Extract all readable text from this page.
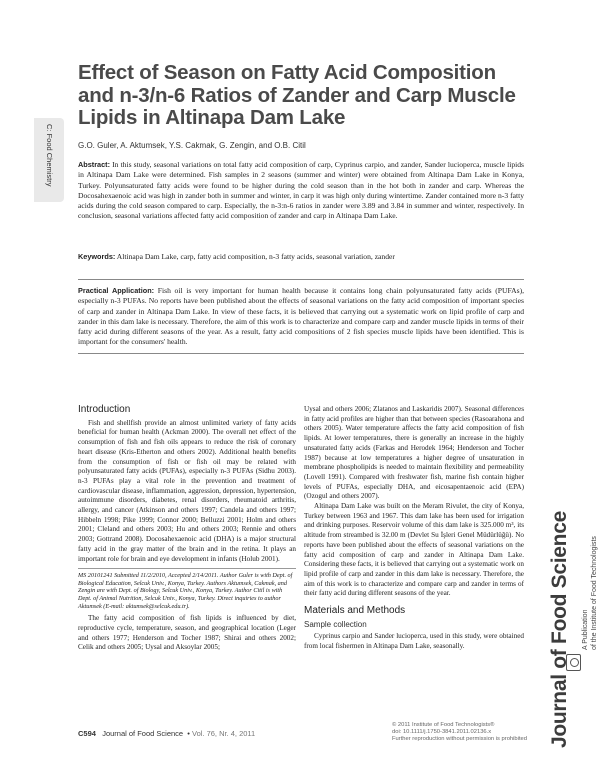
C: Food Chemistry
Effect of Season on Fatty Acid Composition and n-3/n-6 Ratios of Zander and Carp Muscle Lipids in Altinapa Dam Lake
G.O. Guler, A. Aktumsek, Y.S. Cakmak, G. Zengin, and O.B. Citil
Abstract: In this study, seasonal variations on total fatty acid composition of carp, Cyprinus carpio, and zander, Sander lucioperca, muscle lipids in Altinapa Dam Lake were determined. Fish samples in 2 seasons (summer and winter) were obtained from Altinapa Dam Lake in Konya, Turkey. Polyunsaturated fatty acids were found to be higher during the cold season than in the hot both in zander and carp. Whereas the Docosahexaenoic acid was high in zander both in summer and winter, in carp it was high only during wintertime. Zander contained more n-3 fatty acids during the cold season compared to carp. Especially, the n-3:n-6 ratios in zander were 3.89 and 3.84 in summer and winter, respectively. In conclusion, seasonal variations affected fatty acid composition of zander and carp in Altinapa Dam Lake.
Keywords: Altinapa Dam Lake, carp, fatty acid composition, n-3 fatty acids, seasonal variation, zander
Practical Application: Fish oil is very important for human health because it contains long chain polyunsaturated fatty acids (PUFAs), especially n-3 PUFAs. No reports have been published about the effects of seasonal variations on the fatty acid composition of important species of carp and zander in Altinapa Dam Lake. In view of these facts, it is believed that carrying out a systematic work on lipid profile of carp and zander in this dam lake is necessary. Therefore, the aim of this work is to characterize and compare carp and zander muscle lipids in terms of their fatty acid during different seasons of the year. As a result, fatty acid compositions of 2 fish species muscle lipids have been identified. This is important for the consumers' health.
Introduction

Fish and shellfish provide an almost unlimited variety of fatty acids beneficial for human health (Ackman 2000). The overall net effect of the consumption of fish and fish oils appears to reduce the risk of coronary heart disease (Kris-Etherton and others 2002). Additional health benefits from the consumption of fish or fish oil may be related with polyunsaturated fatty acids (PUFAs), especially n-3 PUFAs (Sidhu 2003). n-3 PUFAs play a vital role in the prevention and treatment of cardiovascular disease, inflammation, aggression, depression, hypertension, autoimmune disorders, diabetes, renal disorders, rheumatoid arthritis, allergy, and cancer (Atkinson and others 1997; Candela and others 1997; Hibbeln 1998; Pike 1999; Connor 2000; Belluzzi 2001; Holm and others 2001; Cleland and others 2003; Hu and others 2003; Rennie and others 2003; Gottrand 2008). Docosahexaenoic acid (DHA) is a major structural fatty acid in the gray matter of the brain and in the retina. It plays an important role for brain and eye development in infants (Holub 2001).

MS 20101241 Submitted 11/2/2010, Accepted 2/14/2011. Author Guler is with Dept. of Biological Education, Selcuk Univ., Konya, Turkey. Authors Aktumsek, Cakmak, and Zengin are with Dept. of Biology, Selcuk Univ., Konya, Turkey. Author Citil is with Dept. of Animal Nutrition, Selcuk Univ., Konya, Turkey. Direct inquiries to author Aktumsek (E-mail: aktumsek@selcuk.edu.tr).

The fatty acid composition of fish lipids is influenced by diet, reproductive cycle, temperature, season, and geographical location (Leger and others 1977; Henderson and Tocher 1987; Shirai and others 2002; Celik and others 2005; Uysal and Aksoylar 2005;

Uysal and others 2006; Zlatanos and Laskaridis 2007). Seasonal differences in fatty acid profiles are higher than that between species (Rasoarahona and others 2005). Water temperature affects the fatty acid composition of fish lipids. At lower temperatures, there is generally an increase in the highly unsaturated fatty acids (Farkas and Herodek 1964; Henderson and Tocher 1987) because at low temperatures a higher degree of unsaturation in membrane phospholipids is needed to maintain flexibility and permeability (Lovell 1991). Compared with freshwater fish, marine fish contain higher levels of PUFAs, especially DHA, and eicosapentaenoic acid (EPA) (Ozogul and others 2007).

Altinapa Dam Lake was built on the Meram Rivulet, the city of Konya, Turkey between 1963 and 1967. This dam lake has been used for irrigation and drinking purposes. Reservoir volume of this dam lake is 325.000 m³, its altitude from streambed is 32.00 m (Devlet Su İşleri Genel Müdürlüğü). No reports have been published about the effects of seasonal variations on the fatty acid composition of carp and zander in Altinapa Dam Lake. Considering these facts, it is believed that carrying out a systematic work on lipid profile of carp and zander in this dam lake is necessary. Therefore, the aim of this work is to characterize and compare carp and zander in terms of their fatty acid during different seasons of the year.

Materials and Methods
Sample collection

Cyprinus carpio and Sander lucioperca, used in this study, were obtained from local fishermen in Altinapa Dam Lake, seasonally.

© 2011 Institute of Food Technologists®
doi: 10.1111/j.1750-3841.2011.02136.x
Further reproduction without permission is prohibited
C594 Journal of Food Science  • Vol. 76, Nr. 4, 2011	Journal of Food Science A Publication of the Institute of Food Technologists
